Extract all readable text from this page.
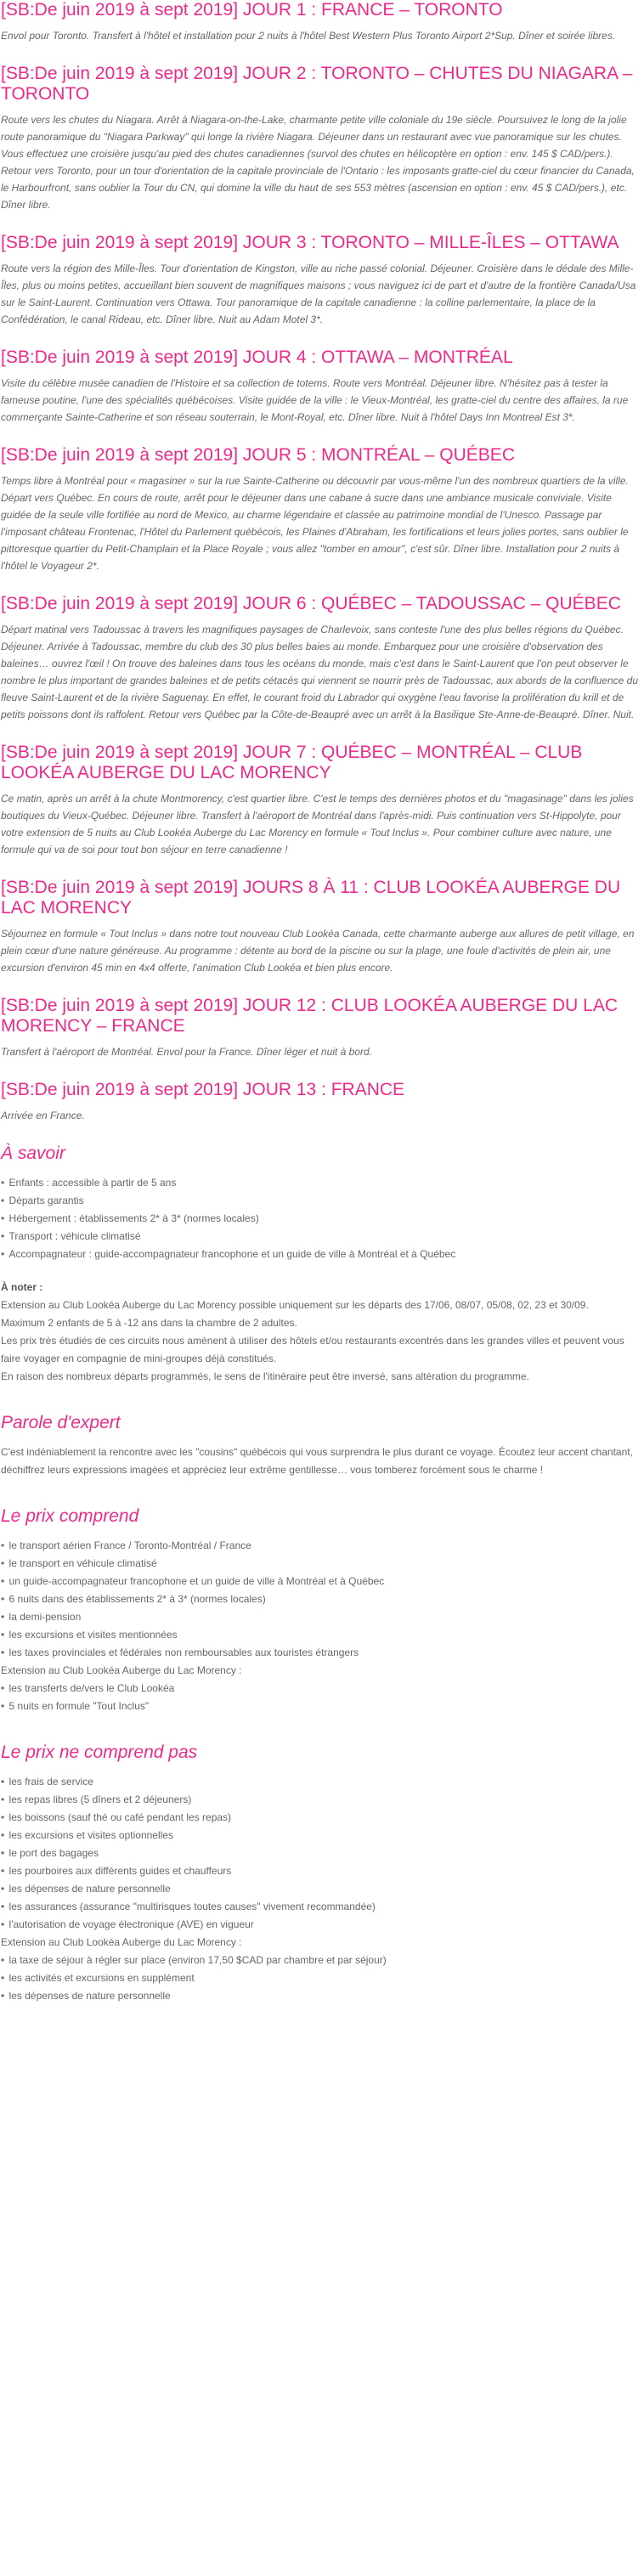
[SB:De juin 2019 à sept 2019] JOUR 1 : FRANCE – TORONTO

Envol pour Toronto. Transfert à l'hôtel et installation pour 2 nuits à l'hôtel Best Western Plus Toronto Airport 2*Sup. Dîner et soirée libres.

[SB:De juin 2019 à sept 2019] JOUR 2 : TORONTO – CHUTES DU NIAGARA – TORONTO

Route vers les chutes du Niagara. Arrêt à Niagara-on-the-Lake, charmante petite ville coloniale du 19e siècle. Poursuivez le long de la jolie route panoramique du "Niagara Parkway" qui longe la rivière Niagara. Déjeuner dans un restaurant avec vue panoramique sur les chutes. Vous effectuez une croisière jusqu'au pied des chutes canadiennes (survol des chutes en hélicoptère en option : env. 145 $ CAD/pers.). Retour vers Toronto, pour un tour d'orientation de la capitale provinciale de l'Ontario : les imposants gratte-ciel du cœur financier du Canada, le Harbourfront, sans oublier la Tour du CN, qui domine la ville du haut de ses 553 mètres (ascension en option : env. 45 $ CAD/pers.), etc. Dîner libre.

[SB:De juin 2019 à sept 2019] JOUR 3 : TORONTO – MILLE-ÎLES – OTTAWA

Route vers la région des Mille-Îles. Tour d'orientation de Kingston, ville au riche passé colonial. Déjeuner. Croisière dans le dédale des Mille-Îles, plus ou moins petites, accueillant bien souvent de magnifiques maisons ; vous naviguez ici de part et d'autre de la frontière Canada/Usa sur le Saint-Laurent. Continuation vers Ottawa. Tour panoramique de la capitale canadienne : la colline parlementaire, la place de la Confédération, le canal Rideau, etc. Dîner libre. Nuit au Adam Motel 3*.

[SB:De juin 2019 à sept 2019] JOUR 4 : OTTAWA – MONTRÉAL

Visite du célèbre musée canadien de l'Histoire et sa collection de totems. Route vers Montréal. Déjeuner libre. N'hésitez pas à tester la fameuse poutine, l'une des spécialités québécoises. Visite guidée de la ville : le Vieux-Montréal, les gratte-ciel du centre des affaires, la rue commerçante Sainte-Catherine et son réseau souterrain, le Mont-Royal, etc. Dîner libre. Nuit à l'hôtel Days Inn Montreal Est 3*.

[SB:De juin 2019 à sept 2019] JOUR 5 : MONTRÉAL – QUÉBEC

Temps libre à Montréal pour « magasiner » sur la rue Sainte-Catherine ou découvrir par vous-même l'un des nombreux quartiers de la ville. Départ vers Québec. En cours de route, arrêt pour le déjeuner dans une cabane à sucre dans une ambiance musicale conviviale. Visite guidée de la seule ville fortifiée au nord de Mexico, au charme légendaire et classée au patrimoine mondial de l'Unesco. Passage par l'imposant château Frontenac, l'Hôtel du Parlement québécois, les Plaines d'Abraham, les fortifications et leurs jolies portes, sans oublier le pittoresque quartier du Petit-Champlain et la Place Royale ; vous allez "tomber en amour", c'est sûr. Dîner libre. Installation pour 2 nuits à l'hôtel le Voyageur 2*.

[SB:De juin 2019 à sept 2019] JOUR 6 : QUÉBEC – TADOUSSAC – QUÉBEC

Départ matinal vers Tadoussac à travers les magnifiques paysages de Charlevoix, sans conteste l'une des plus belles régions du Québec. Déjeuner. Arrivée à Tadoussac, membre du club des 30 plus belles baies au monde. Embarquez pour une croisière d'observation des baleines… ouvrez l'œil ! On trouve des baleines dans tous les océans du monde, mais c'est dans le Saint-Laurent que l'on peut observer le nombre le plus important de grandes baleines et de petits cétacés qui viennent se nourrir près de Tadoussac, aux abords de la confluence du fleuve Saint-Laurent et de la rivière Saguenay. En effet, le courant froid du Labrador qui oxygène l'eau favorise la prolifération du krill et de petits poissons dont ils raffolent. Retour vers Québec par la Côte-de-Beaupré avec un arrêt à la Basilique Ste-Anne-de-Beaupré. Dîner. Nuit.

[SB:De juin 2019 à sept 2019] JOUR 7 : QUÉBEC – MONTRÉAL – CLUB LOOKÉA AUBERGE DU LAC MORENCY

Ce matin, après un arrêt à la chute Montmorency, c'est quartier libre. C'est le temps des dernières photos et du "magasinage" dans les jolies boutiques du Vieux-Québec. Déjeuner libre. Transfert à l'aéroport de Montréal dans l'après-midi. Puis continuation vers St-Hippolyte, pour votre extension de 5 nuits au Club Lookéa Auberge du Lac Morency en formule « Tout Inclus ». Pour combiner culture avec nature, une formule qui va de soi pour tout bon séjour en terre canadienne !

[SB:De juin 2019 à sept 2019] JOURS 8 À 11 : CLUB LOOKÉA AUBERGE DU LAC MORENCY

Séjournez en formule « Tout Inclus » dans notre tout nouveau Club Lookéa Canada, cette charmante auberge aux allures de petit village, en plein cœur d'une nature généreuse. Au programme : détente au bord de la piscine ou sur la plage, une foule d'activités de plein air, une excursion d'environ 45 min en 4x4 offerte, l'animation Club Lookéa et bien plus encore.

[SB:De juin 2019 à sept 2019] JOUR 12 : CLUB LOOKÉA AUBERGE DU LAC MORENCY – FRANCE

Transfert à l'aéroport de Montréal. Envol pour la France. Dîner léger et nuit à bord.

[SB:De juin 2019 à sept 2019] JOUR 13 : FRANCE

Arrivée en France.

À savoir
• Enfants : accessible à partir de 5 ans
• Départs garantis
• Hébergement : établissements 2* à 3* (normes locales)
• Transport : véhicule climatisé
• Accompagnateur : guide-accompagnateur francophone et un guide de ville à Montréal et à Québec
À noter :
Extension au Club Lookéa Auberge du Lac Morency possible uniquement sur les départs des 17/06, 08/07, 05/08, 02, 23 et 30/09.
Maximum 2 enfants de 5 à -12 ans dans la chambre de 2 adultes.
Les prix très étudiés de ces circuits nous amènent à utiliser des hôtels et/ou restaurants excentrés dans les grandes villes et peuvent vous faire voyager en compagnie de mini-groupes déjà constitués.
En raison des nombreux départs programmés, le sens de l'itinéraire peut être inversé, sans altération du programme.
Parole d'expert

C'est indéniablement la rencontre avec les "cousins" québécois qui vous surprendra le plus durant ce voyage. Écoutez leur accent chantant, déchiffrez leurs expressions imagées et appréciez leur extrême gentillesse… vous tomberez forcément sous le charme !

Le prix comprend
• le transport aérien France / Toronto-Montréal / France
• le transport en véhicule climatisé
• un guide-accompagnateur francophone et un guide de ville à Montréal et à Québec
• 6 nuits dans des établissements 2* à 3* (normes locales)
• la demi-pension
• les excursions et visites mentionnées
• les taxes provinciales et fédérales non remboursables aux touristes étrangers
Extension au Club Lookéa Auberge du Lac Morency :
• les transferts de/vers le Club Lookéa
• 5 nuits en formule "Tout Inclus"
Le prix ne comprend pas
• les frais de service
• les repas libres (5 dîners et 2 déjeuners)
• les boissons (sauf thé ou café pendant les repas)
• les excursions et visites optionnelles
• le port des bagages
• les pourboires aux différents guides et chauffeurs
• les dépenses de nature personnelle
• les assurances (assurance "multirisques toutes causes" vivement recommandée)
• l'autorisation de voyage électronique (AVE) en vigueur
Extension au Club Lookéa Auberge du Lac Morency :
• la taxe de séjour à régler sur place (environ 17,50 $CAD par chambre et par séjour)
• les activités et excursions en supplément
• les dépenses de nature personnelle
